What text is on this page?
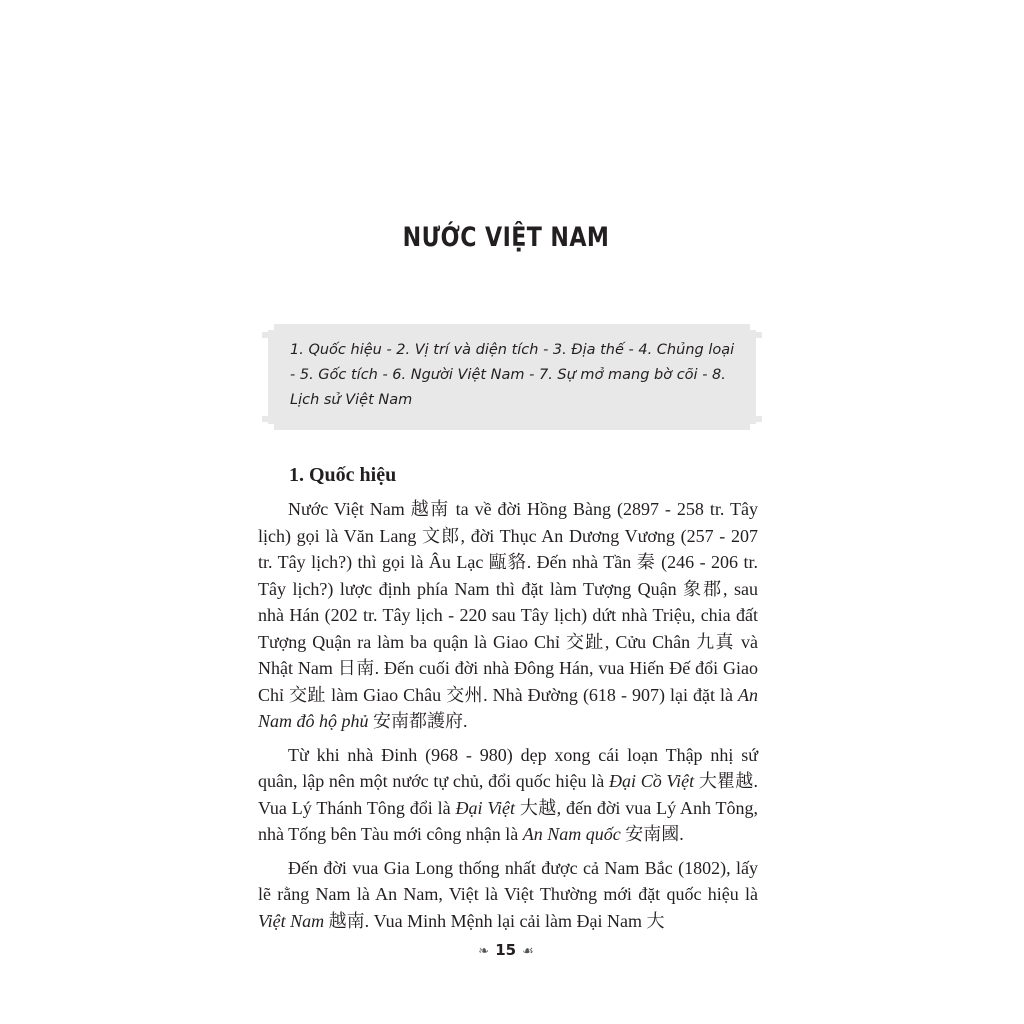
NƯỚC VIỆT NAM
1. Quốc hiệu - 2. Vị trí và diện tích - 3. Địa thế - 4. Chủng loại - 5. Gốc tích - 6. Người Việt Nam - 7. Sự mở mang bờ cõi - 8. Lịch sử Việt Nam
1. Quốc hiệu

Nước Việt Nam 越南 ta về đời Hồng Bàng (2897 - 258 tr. Tây lịch) gọi là Văn Lang 文郎, đời Thục An Dương Vương (257 - 207 tr. Tây lịch?) thì gọi là Âu Lạc 甌貉. Đến nhà Tần 秦 (246 - 206 tr. Tây lịch?) lược định phía Nam thì đặt làm Tượng Quận 象郡, sau nhà Hán (202 tr. Tây lịch - 220 sau Tây lịch) dứt nhà Triệu, chia đất Tượng Quận ra làm ba quận là Giao Chỉ 交趾, Cửu Chân 九真 và Nhật Nam 日南. Đến cuối đời nhà Đông Hán, vua Hiến Đế đổi Giao Chỉ 交趾 làm Giao Châu 交州. Nhà Đường (618 - 907) lại đặt là An Nam đô hộ phủ 安南都護府.

Từ khi nhà Đinh (968 - 980) dẹp xong cái loạn Thập nhị sứ quân, lập nên một nước tự chủ, đổi quốc hiệu là Đại Cồ Việt 大瞿越. Vua Lý Thánh Tông đổi là Đại Việt 大越, đến đời vua Lý Anh Tông, nhà Tống bên Tàu mới công nhận là An Nam quốc 安南國.

Đến đời vua Gia Long thống nhất được cả Nam Bắc (1802), lấy lẽ rằng Nam là An Nam, Việt là Việt Thường mới đặt quốc hiệu là Việt Nam 越南. Vua Minh Mệnh lại cải làm Đại Nam 大

❧ 15 ☙
